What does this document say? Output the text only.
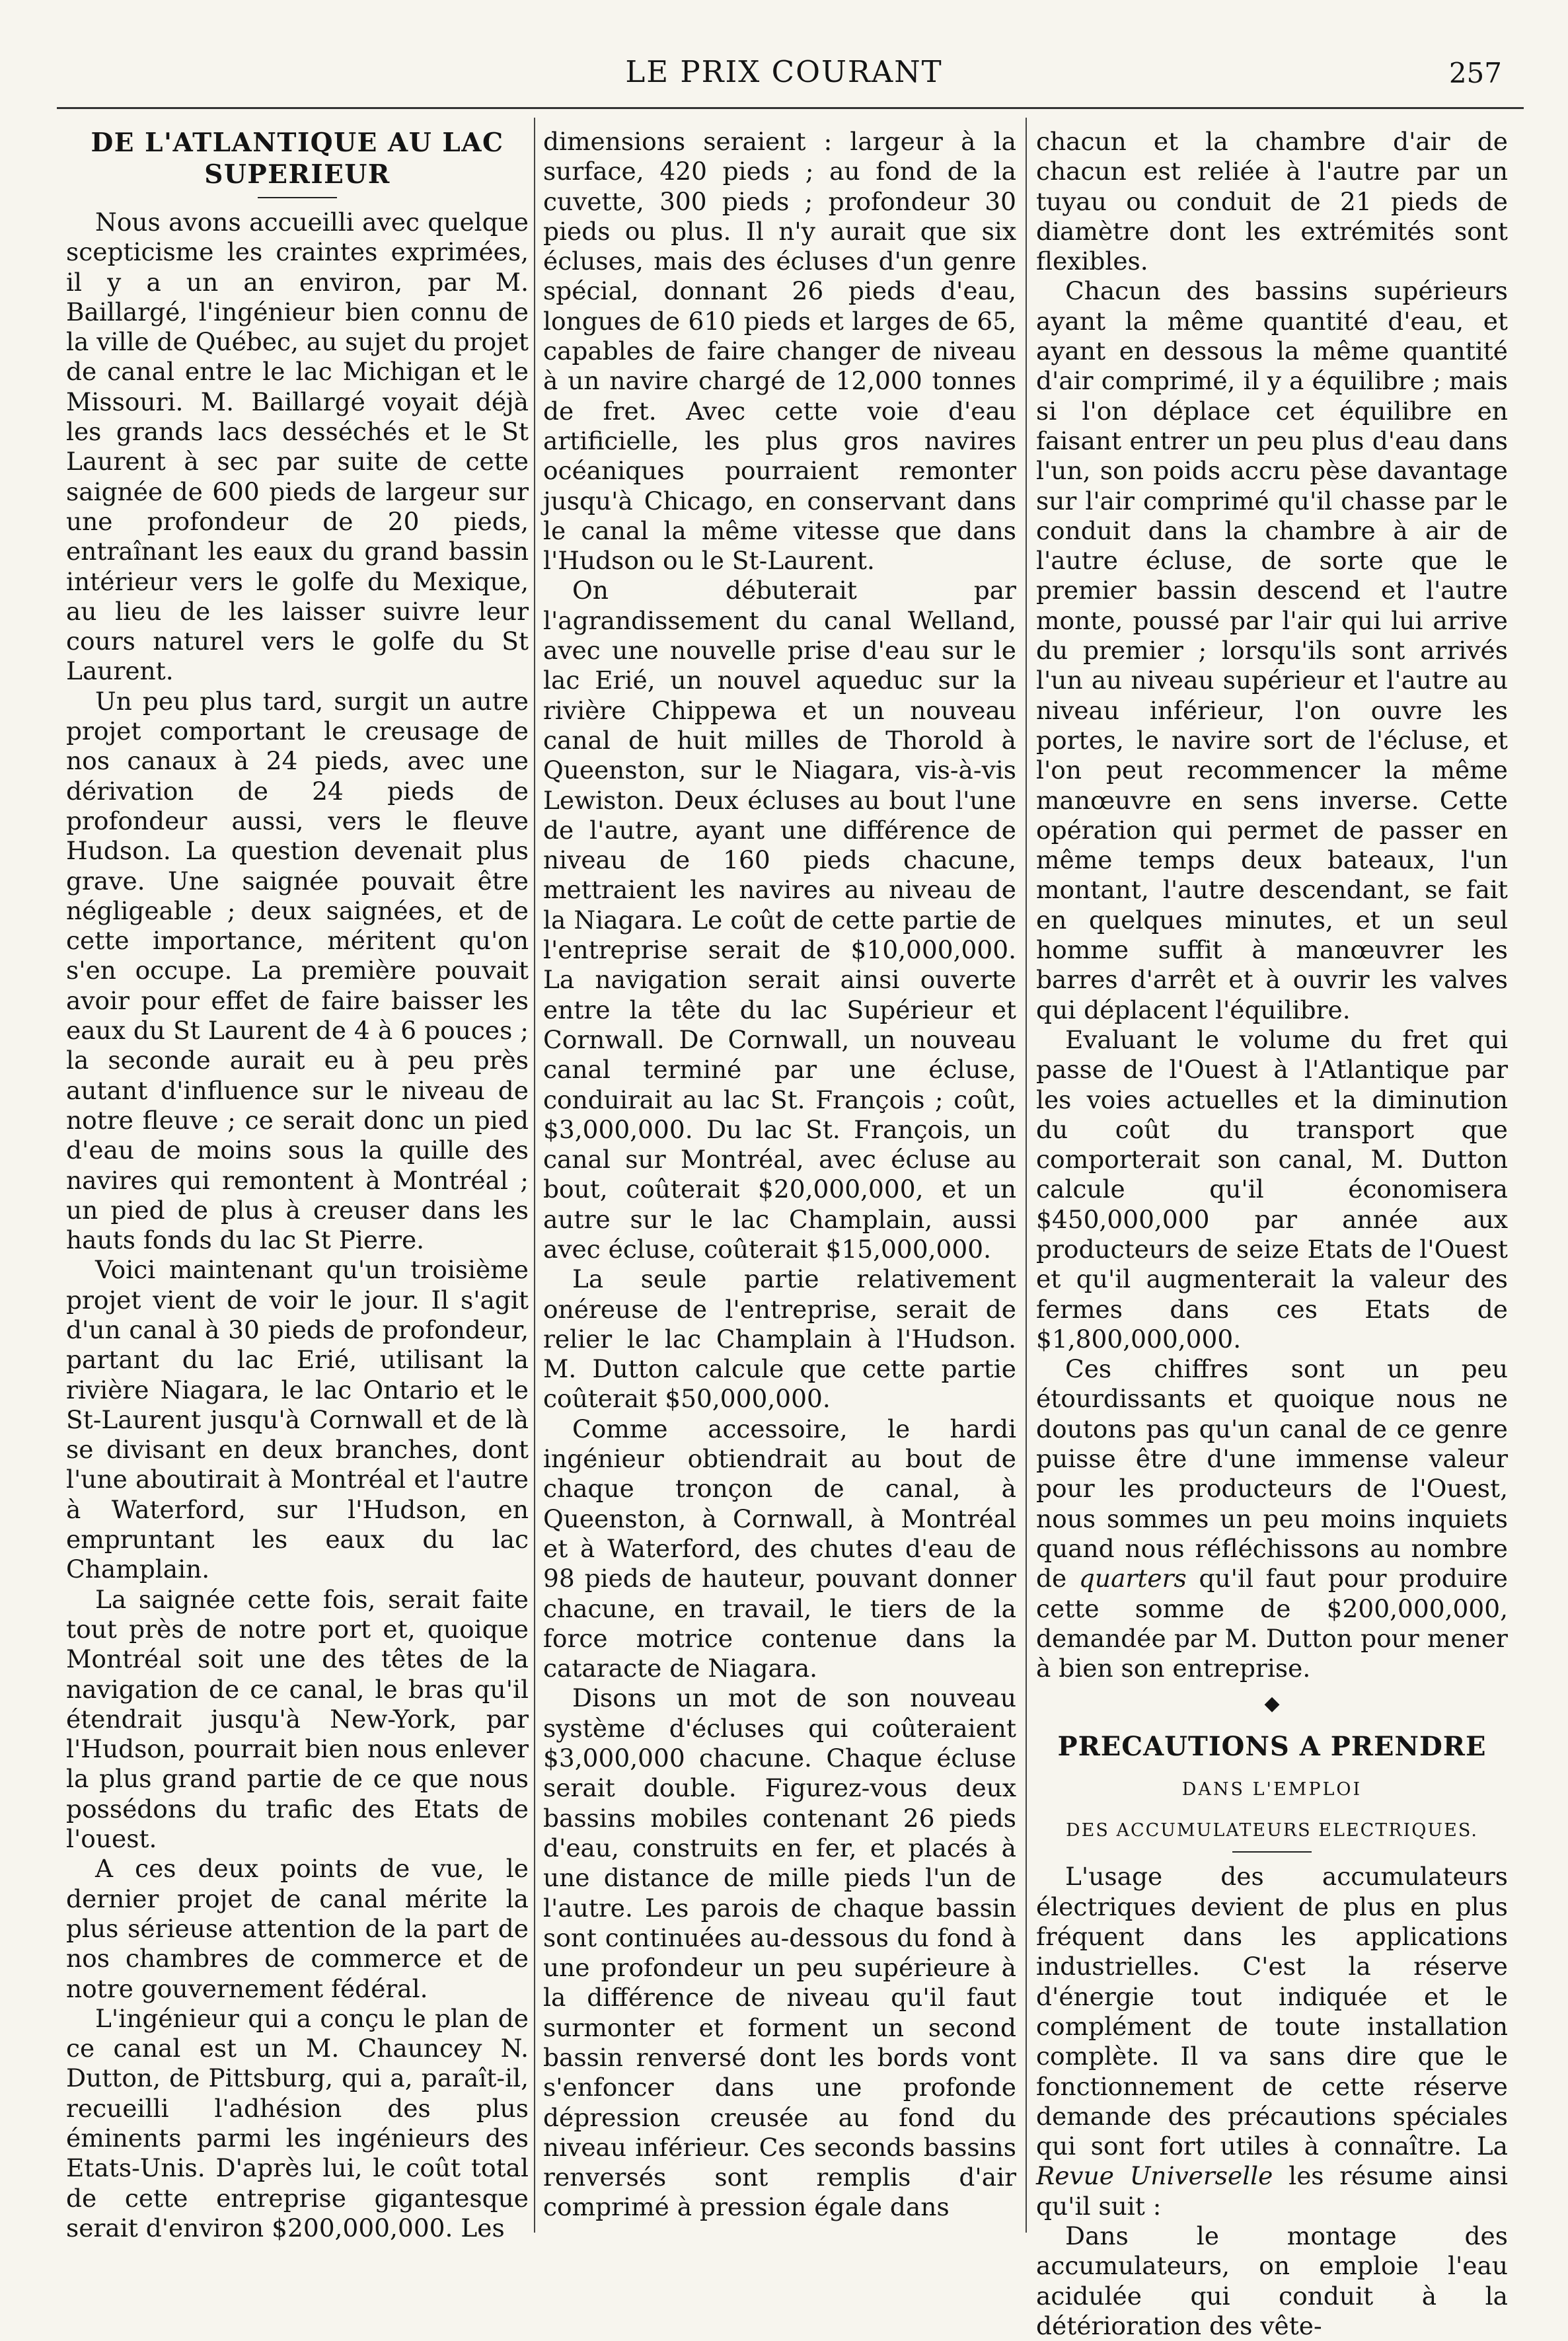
LE PRIX COURANT	257
DE L'ATLANTIQUE AU LAC SUPERIEUR

Nous avons accueilli avec quelque scepticisme les craintes exprimées, il y a un an environ, par M. Baillargé, l'ingénieur bien connu de la ville de Québec, au sujet du projet de canal entre le lac Michigan et le Missouri. M. Baillargé voyait déjà les grands lacs desséchés et le St Laurent à sec par suite de cette saignée de 600 pieds de largeur sur une profondeur de 20 pieds, entraînant les eaux du grand bassin intérieur vers le golfe du Mexique, au lieu de les laisser suivre leur cours naturel vers le golfe du St Laurent.

Un peu plus tard, surgit un autre projet comportant le creusage de nos canaux à 24 pieds, avec une dérivation de 24 pieds de profondeur aussi, vers le fleuve Hudson. La question devenait plus grave. Une saignée pouvait être négligeable ; deux saignées, et de cette importance, méritent qu'on s'en occupe. La première pouvait avoir pour effet de faire baisser les eaux du St Laurent de 4 à 6 pouces ; la seconde aurait eu à peu près autant d'influence sur le niveau de notre fleuve ; ce serait donc un pied d'eau de moins sous la quille des navires qui remontent à Montréal ; un pied de plus à creuser dans les hauts fonds du lac St Pierre.

Voici maintenant qu'un troisième projet vient de voir le jour. Il s'agit d'un canal à 30 pieds de profondeur, partant du lac Erié, utilisant la rivière Niagara, le lac Ontario et le St-Laurent jusqu'à Cornwall et de là se divisant en deux branches, dont l'une aboutirait à Montréal et l'autre à Waterford, sur l'Hudson, en empruntant les eaux du lac Champlain.

La saignée cette fois, serait faite tout près de notre port et, quoique Montréal soit une des têtes de la navigation de ce canal, le bras qu'il étendrait jusqu'à New-York, par l'Hudson, pourrait bien nous enlever la plus grand partie de ce que nous possédons du trafic des Etats de l'ouest.

A ces deux points de vue, le dernier projet de canal mérite la plus sérieuse attention de la part de nos chambres de commerce et de notre gouvernement fédéral.

L'ingénieur qui a conçu le plan de ce canal est un M. Chauncey N. Dutton, de Pittsburg, qui a, paraît-il, recueilli l'adhésion des plus éminents parmi les ingénieurs des Etats-Unis. D'après lui, le coût total de cette entreprise gigantesque serait d'environ $200,000,000. Les

dimensions seraient : largeur à la surface, 420 pieds ; au fond de la cuvette, 300 pieds ; profondeur 30 pieds ou plus. Il n'y aurait que six écluses, mais des écluses d'un genre spécial, donnant 26 pieds d'eau, longues de 610 pieds et larges de 65, capables de faire changer de niveau à un navire chargé de 12,000 tonnes de fret. Avec cette voie d'eau artificielle, les plus gros navires océaniques pourraient remonter jusqu'à Chicago, en conservant dans le canal la même vitesse que dans l'Hudson ou le St-Laurent.

On débuterait par l'agrandissement du canal Welland, avec une nouvelle prise d'eau sur le lac Erié, un nouvel aqueduc sur la rivière Chippewa et un nouveau canal de huit milles de Thorold à Queenston, sur le Niagara, vis-à-vis Lewiston. Deux écluses au bout l'une de l'autre, ayant une différence de niveau de 160 pieds chacune, mettraient les navires au niveau de la Niagara. Le coût de cette partie de l'entreprise serait de $10,000,000. La navigation serait ainsi ouverte entre la tête du lac Supérieur et Cornwall. De Cornwall, un nouveau canal terminé par une écluse, conduirait au lac St. François ; coût, $3,000,000. Du lac St. François, un canal sur Montréal, avec écluse au bout, coûterait $20,000,000, et un autre sur le lac Champlain, aussi avec écluse, coûterait $15,000,000.

La seule partie relativement onéreuse de l'entreprise, serait de relier le lac Champlain à l'Hudson. M. Dutton calcule que cette partie coûterait $50,000,000.

Comme accessoire, le hardi ingénieur obtiendrait au bout de chaque tronçon de canal, à Queenston, à Cornwall, à Montréal et à Waterford, des chutes d'eau de 98 pieds de hauteur, pouvant donner chacune, en travail, le tiers de la force motrice contenue dans la cataracte de Niagara.

Disons un mot de son nouveau système d'écluses qui coûteraient $3,000,000 chacune. Chaque écluse serait double. Figurez-vous deux bassins mobiles contenant 26 pieds d'eau, construits en fer, et placés à une distance de mille pieds l'un de l'autre. Les parois de chaque bassin sont continuées au-dessous du fond à une profondeur un peu supérieure à la différence de niveau qu'il faut surmonter et forment un second bassin renversé dont les bords vont s'enfoncer dans une profonde dépression creusée au fond du niveau inférieur. Ces seconds bassins renversés sont remplis d'air comprimé à pression égale dans

chacun et la chambre d'air de chacun est reliée à l'autre par un tuyau ou conduit de 21 pieds de diamètre dont les extrémités sont flexibles.

Chacun des bassins supérieurs ayant la même quantité d'eau, et ayant en dessous la même quantité d'air comprimé, il y a équilibre ; mais si l'on déplace cet équilibre en faisant entrer un peu plus d'eau dans l'un, son poids accru pèse davantage sur l'air comprimé qu'il chasse par le conduit dans la chambre à air de l'autre écluse, de sorte que le premier bassin descend et l'autre monte, poussé par l'air qui lui arrive du premier ; lorsqu'ils sont arrivés l'un au niveau supérieur et l'autre au niveau inférieur, l'on ouvre les portes, le navire sort de l'écluse, et l'on peut recommencer la même manœuvre en sens inverse. Cette opération qui permet de passer en même temps deux bateaux, l'un montant, l'autre descendant, se fait en quelques minutes, et un seul homme suffit à manœuvrer les barres d'arrêt et à ouvrir les valves qui déplacent l'équilibre.

Evaluant le volume du fret qui passe de l'Ouest à l'Atlantique par les voies actuelles et la diminution du coût du transport que comporterait son canal, M. Dutton calcule qu'il économisera $450,000,000 par année aux producteurs de seize Etats de l'Ouest et qu'il augmenterait la valeur des fermes dans ces Etats de $1,800,000,000.

Ces chiffres sont un peu étourdissants et quoique nous ne doutons pas qu'un canal de ce genre puisse être d'une immense valeur pour les producteurs de l'Ouest, nous sommes un peu moins inquiets quand nous réfléchissons au nombre de quarters qu'il faut pour produire cette somme de $200,000,000, demandée par M. Dutton pour mener à bien son entreprise.

◆
PRECAUTIONS A PRENDRE
DANS L'EMPLOI
DES ACCUMULATEURS ELECTRIQUES.

L'usage des accumulateurs électriques devient de plus en plus fréquent dans les applications industrielles. C'est la réserve d'énergie tout indiquée et le complément de toute installation complète. Il va sans dire que le fonctionnement de cette réserve demande des précautions spéciales qui sont fort utiles à connaître. La Revue Universelle les résume ainsi qu'il suit :

Dans le montage des accumulateurs, on emploie l'eau acidulée qui conduit à la détérioration des vête-
